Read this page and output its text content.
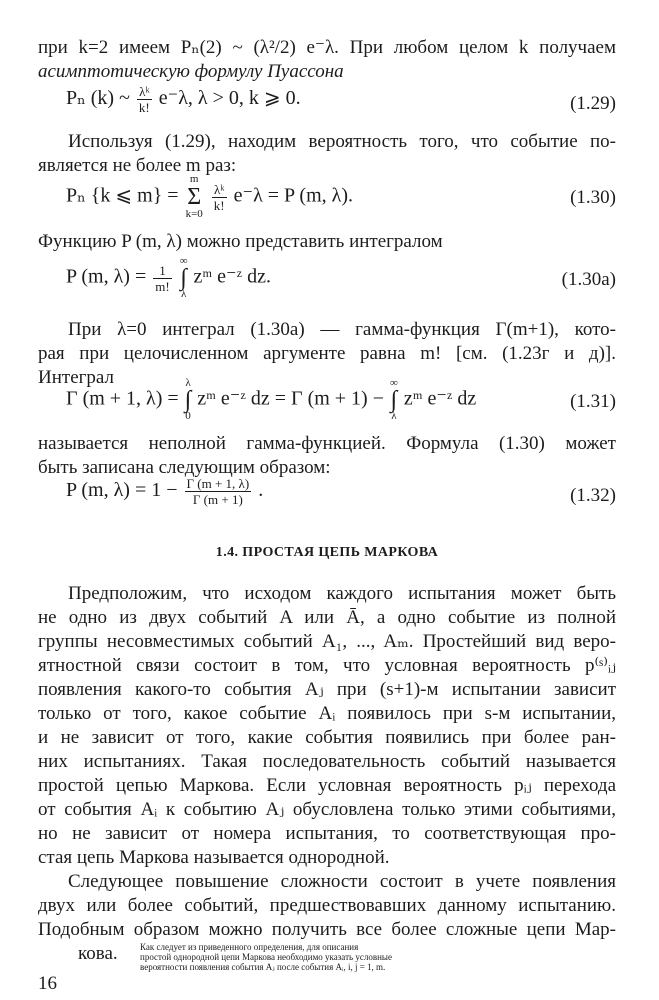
при k=2 имеем Pₙ(2) ~ (λ²/2) e⁻λ. При любом целом k получаем
асимптотическую формулу Пуассона
Pₙ (k) ~ $\frac{\text{λᵏ}}{k!} e^-\lambda$, λ > 0, k ⩾ 0.	(1.29)
Используя (1.29), находим вероятность того, что событие по-
является не более m раз:
Pₙ {k ⩽ m} = m
Σ
k=0
$\frac{\text{λᵏ}}{k!} e^-\lambda = P$ (m, λ).	(1.30)
Функцию P (m, λ) можно представить интегралом
P (m, $\lambda) = \frac{1}{m!}$
∞
∫
λ zᵐ e⁻ᶻ dz.	(1.30a)
При λ=0 интеграл (1.30а) — гамма-функция Γ(m+1), кото-
рая при целочисленном аргументе равна m! [см. (1.23г и д)].
Интеграл
Γ (m + 1, λ) = λ
∫
0 zᵐ e⁻ᶻ dz = Γ (m + 1) − ∞
∫
λ zᵐ e⁻ᶻ dz	(1.31)
называется неполной гамма-функцией. Формула (1.30) может
быть записана следующим образом:
P (m, $\lambda) = 1 - \frac{\Gamma (m + 1, \lambda)}{\Gamma (m + 1)}$ .	(1.32)
1.4. ПРОСТАЯ ЦЕПЬ МАРКОВА
Предположим, что исходом каждого испытания может быть
не одно из двух событий A или Ā, а одно событие из полной
группы несовместимых событий A₁, ..., Aₘ. Простейший вид веро-
ятностной связи состоит в том, что условная вероятность p⁽ˢ⁾ᵢⱼ
появления какого-то события Aⱼ при (s+1)-м испытании зависит
только от того, какое событие Aᵢ появилось при s-м испытании,
и не зависит от того, какие события появились при более ран-
них испытаниях. Такая последовательность событий называется
простой цепью Маркова. Если условная вероятность pᵢⱼ перехода
от события Aᵢ к событию Aⱼ обусловлена только этими событиями,
но не зависит от номера испытания, то соответствующая про-
стая цепь Маркова называется однородной.
Следующее повышение сложности состоит в учете появления
двух или более событий, предшествовавших данному испытанию.
Подобным образом можно получить все более сложные цепи Мар-
кова.	Как следует из приведенного определения, для описания
простой однородной цепи Маркова необходимо указать условные
вероятности появления события Aⱼ после события Aᵢ, i, j = 1, m.
16
